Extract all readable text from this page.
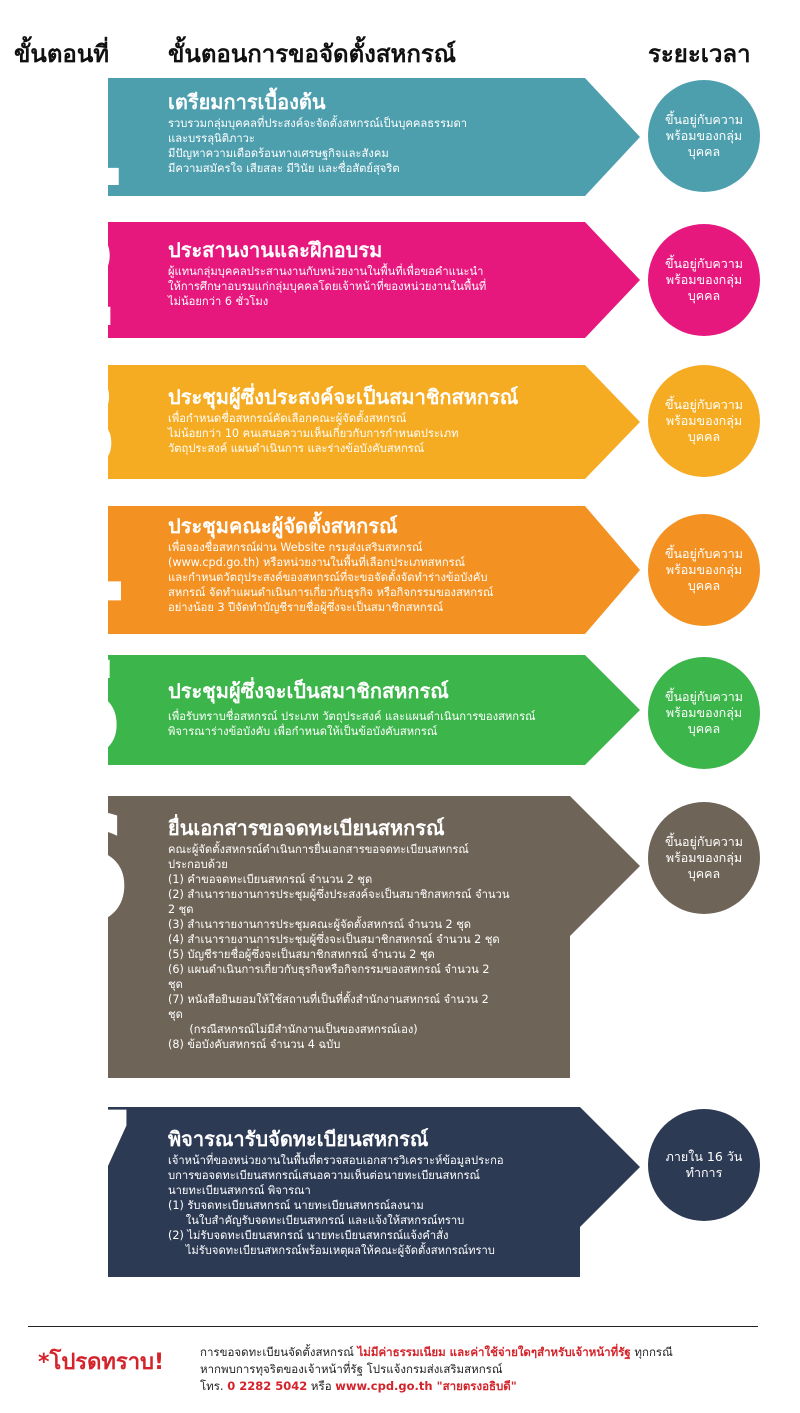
ขั้นตอนที่ ขั้นตอนการขอจัดตั้งสหกรณ์	ระยะเวลา
1 เตรียมการเบื้องต้น
รวบรวมกลุ่มบุคคลที่ประสงค์จะจัดตั้งสหกรณ์เป็นบุคคลธรรมดา
และบรรลุนิติภาวะ
มีปัญหาความเดือดร้อนทางเศรษฐกิจและสังคม
มีความสมัครใจ เสียสละ มีวินัย และซื่อสัตย์สุจริต
ขึ้นอยู่กับความพร้อมของกลุ่มบุคคล
2	ประสานงานและฝึกอบรม
ผู้แทนกลุ่มบุคคลประสานงานกับหน่วยงานในพื้นที่เพื่อขอคำแนะนำ
ให้การศึกษาอบรมแก่กลุ่มบุคคลโดยเจ้าหน้าที่ของหน่วยงานในพื้นที่
ไม่น้อยกว่า 6 ชั่วโมง
ขึ้นอยู่กับความพร้อมของกลุ่มบุคคล
3	ประชุมผู้ซึ่งประสงค์จะเป็นสมาชิกสหกรณ์
เพื่อกำหนดชื่อสหกรณ์คัดเลือกคณะผู้จัดตั้งสหกรณ์
ไม่น้อยกว่า 10 คนเสนอความเห็นเกี่ยวกับการกำหนดประเภท
วัตถุประสงค์ แผนดำเนินการ และร่างข้อบังคับสหกรณ์
ขึ้นอยู่กับความพร้อมของกลุ่มบุคคล
4 ประชุมคณะผู้จัดตั้งสหกรณ์
เพื่อจองชื่อสหกรณ์ผ่าน Website กรมส่งเสริมสหกรณ์
(www.cpd.go.th) หรือหน่วยงานในพื้นที่เลือกประเภทสหกรณ์
และกำหนดวัตถุประสงค์ของสหกรณ์ที่จะขอจัดตั้งจัดทำร่างข้อบังคับ
สหกรณ์ จัดทำแผนดำเนินการเกี่ยวกับธุรกิจ หรือกิจกรรมของสหกรณ์
อย่างน้อย 3 ปีจัดทำบัญชีรายชื่อผู้ซึ่งจะเป็นสมาชิกสหกรณ์
ขึ้นอยู่กับความพร้อมของกลุ่มบุคคล
5 ประชุมผู้ซึ่งจะเป็นสมาชิกสหกรณ์
เพื่อรับทราบชื่อสหกรณ์ ประเภท วัตถุประสงค์ และแผนดำเนินการของสหกรณ์
พิจารณาร่างข้อบังคับ เพื่อกำหนดให้เป็นข้อบังคับสหกรณ์
ขึ้นอยู่กับความพร้อมของกลุ่มบุคคล
6 ยื่นเอกสารขอจดทะเบียนสหกรณ์
คณะผู้จัดตั้งสหกรณ์ดำเนินการยื่นเอกสารขอจดทะเบียนสหกรณ์
ประกอบด้วย
(1) คำขอจดทะเบียนสหกรณ์ จำนวน 2 ชุด
(2) สำเนารายงานการประชุมผู้ซึ่งประสงค์จะเป็นสมาชิกสหกรณ์ จำนวน
2 ชุด
(3) สำเนารายงานการประชุมคณะผู้จัดตั้งสหกรณ์ จำนวน 2 ชุด
(4) สำเนารายงานการประชุมผู้ซึ่งจะเป็นสมาชิกสหกรณ์ จำนวน 2 ชุด
(5) บัญชีรายชื่อผู้ซึ่งจะเป็นสมาชิกสหกรณ์ จำนวน 2 ชุด
(6) แผนดำเนินการเกี่ยวกับธุรกิจหรือกิจกรรมของสหกรณ์ จำนวน 2
ชุด
(7) หนังสือยินยอมให้ใช้สถานที่เป็นที่ตั้งสำนักงานสหกรณ์ จำนวน 2
ชุด
(กรณีสหกรณ์ไม่มีสำนักงานเป็นของสหกรณ์เอง)
(8) ข้อบังคับสหกรณ์ จำนวน 4 ฉบับ
ขึ้นอยู่กับความพร้อมของกลุ่มบุคคล
7 พิจารณารับจัดทะเบียนสหกรณ์
เจ้าหน้าที่ของหน่วยงานในพื้นที่ตรวจสอบเอกสารวิเคราะห์ข้อมูลประกอ
บการขอจดทะเบียนสหกรณ์เสนอความเห็นต่อนายทะเบียนสหกรณ์
นายทะเบียนสหกรณ์ พิจารณา
(1) รับจดทะเบียนสหกรณ์ นายทะเบียนสหกรณ์ลงนาม
ในใบสำคัญรับจดทะเบียนสหกรณ์ และแจ้งให้สหกรณ์ทราบ
(2) ไม่รับจดทะเบียนสหกรณ์ นายทะเบียนสหกรณ์แจ้งคำสั่ง
ไม่รับจดทะเบียนสหกรณ์พร้อมเหตุผลให้คณะผู้จัดตั้งสหกรณ์ทราบ
ภายใน 16 วันทำการ
*โปรดทราบ!	การขอจดทะเบียนจัดตั้งสหกรณ์ ไม่มีค่าธรรมเนียม และค่าใช้จ่ายใดๆสำหรับเจ้าหน้าที่รัฐ ทุกกรณี
หากพบการทุจริตของเจ้าหน้าที่รัฐ โปรแจ้งกรมส่งเสริมสหกรณ์
โทร. 0 2282 5042 หรือ www.cpd.go.th "สายตรงอธิบดี"
